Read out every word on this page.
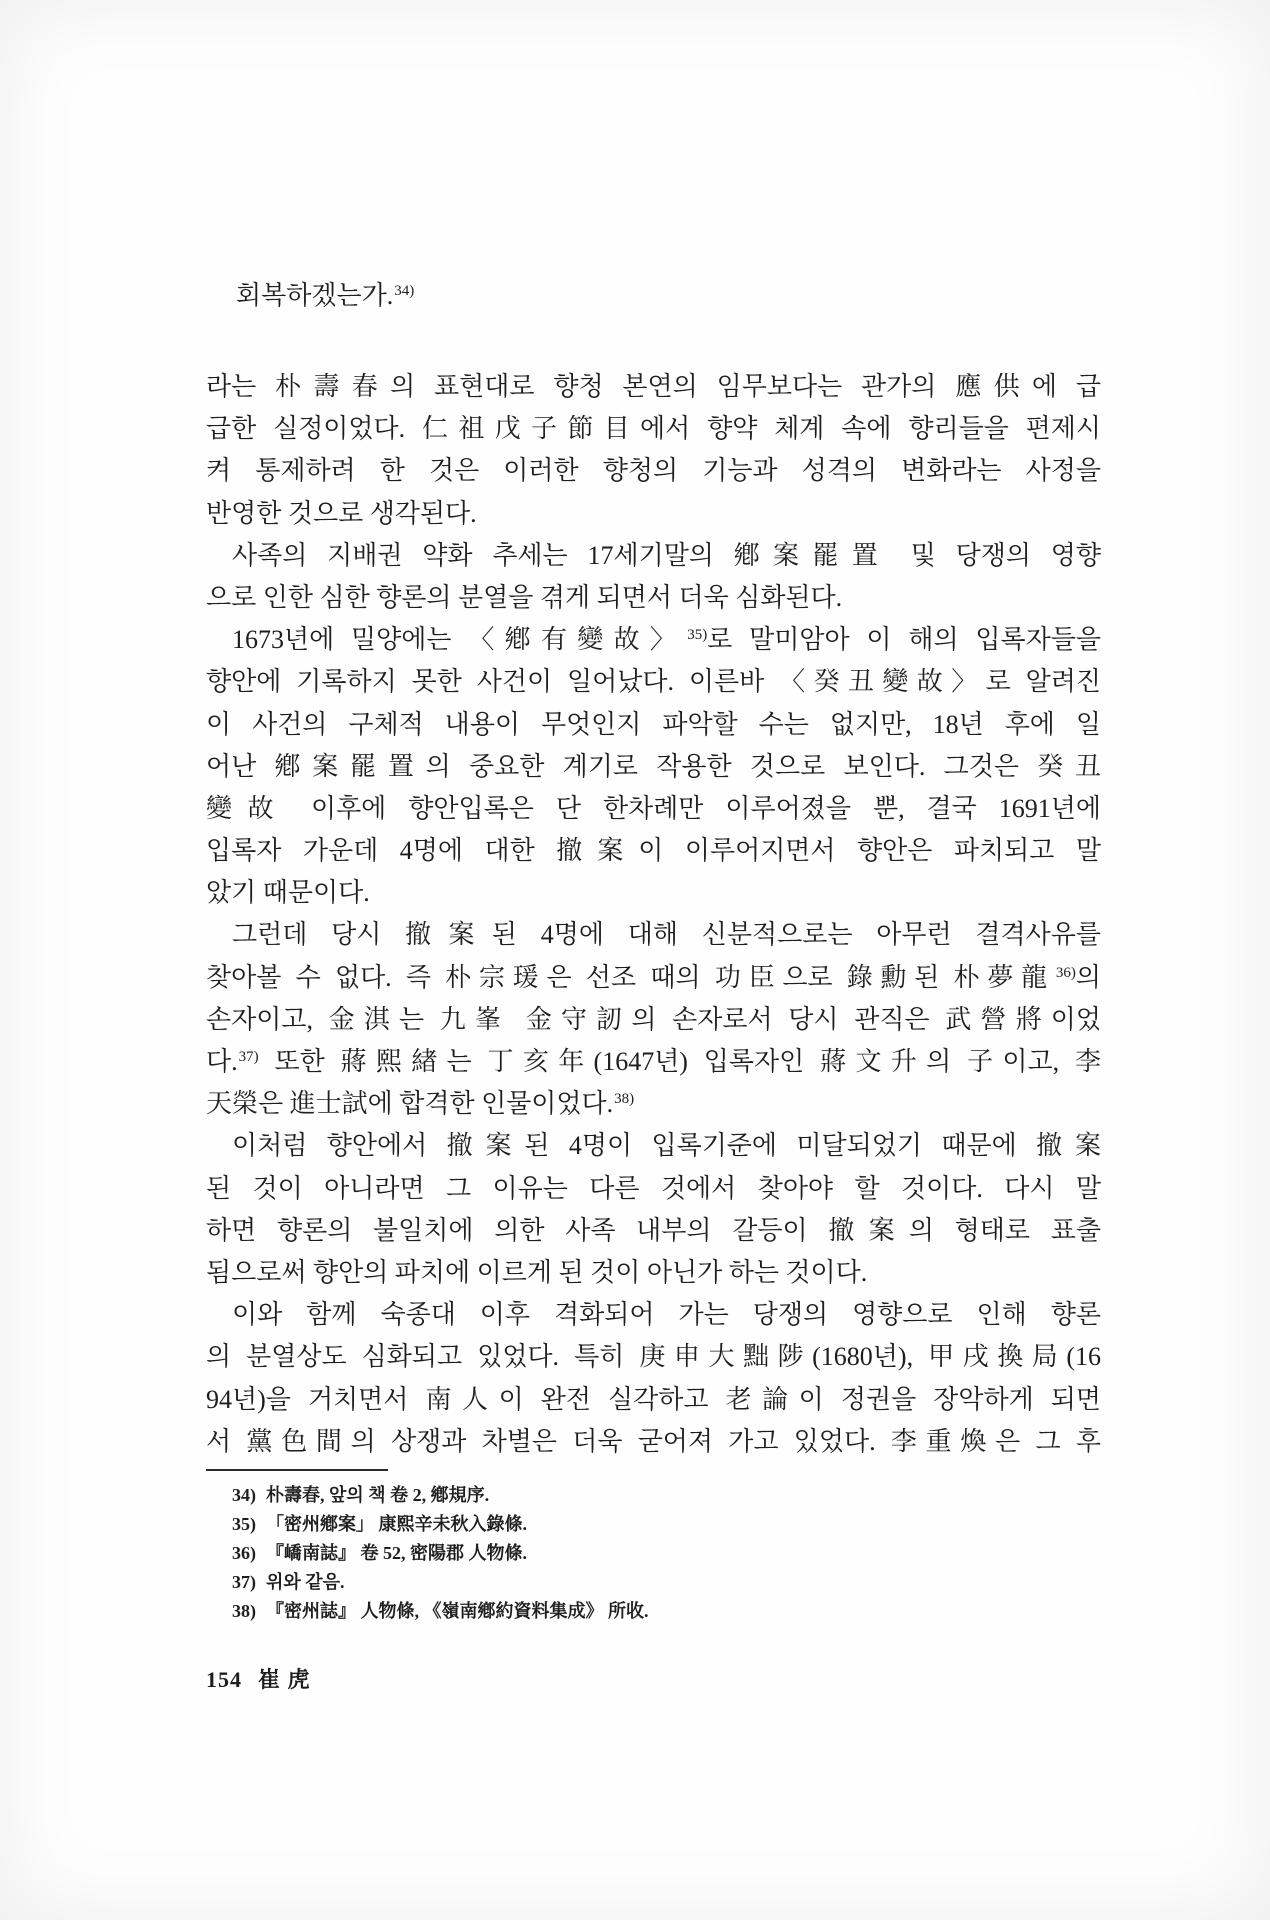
회복하겠는가.$^{34)}$
라는 朴壽春의 표현대로 향청 본연의 임무보다는 관가의 應供에 급
급한 실정이었다. 仁祖戊子節目에서 향약 체계 속에 향리들을 편제시
켜 통제하려 한 것은 이러한 향청의 기능과 성격의 변화라는 사정을
반영한 것으로 생각된다.
사족의 지배권 약화 추세는 17세기말의 鄕案罷置 및 당쟁의 영향
으로 인한 심한 향론의 분열을 겪게 되면서 더욱 심화된다.
1673년에 밀양에는 〈鄕有變故〉$^{35)}$로 말미암아 이 해의 입록자들을
향안에 기록하지 못한 사건이 일어났다. 이른바 〈癸丑變故〉로 알려진
이 사건의 구체적 내용이 무엇인지 파악할 수는 없지만, 18년 후에 일
어난 鄕案罷置의 중요한 계기로 작용한 것으로 보인다. 그것은 癸丑
變故 이후에 향안입록은 단 한차례만 이루어졌을 뿐, 결국 1691년에
입록자 가운데 4명에 대한 撤案이 이루어지면서 향안은 파치되고 말
았기 때문이다.
그런데 당시 撤案된 4명에 대해 신분적으로는 아무런 결격사유를
찾아볼 수 없다. 즉 朴宗瑗은 선조 때의 功臣으로 錄勳된 朴夢龍$^{36)}$의
손자이고, 金淇는 九峯 金守訒의 손자로서 당시 관직은 武營將이었
다.$^{37)}$ 또한 蔣熙緖는 丁亥年(1647년) 입록자인 蔣文升의 子이고, 李
天榮은 進士試에 합격한 인물이었다.$^{38)}$
이처럼 향안에서 撤案된 4명이 입록기준에 미달되었기 때문에 撤案
된 것이 아니라면 그 이유는 다른 것에서 찾아야 할 것이다. 다시 말
하면 향론의 불일치에 의한 사족 내부의 갈등이 撤案의 형태로 표출
됨으로써 향안의 파치에 이르게 된 것이 아닌가 하는 것이다.
이와 함께 숙종대 이후 격화되어 가는 당쟁의 영향으로 인해 향론
의 분열상도 심화되고 있었다. 특히 庚申大黜陟(1680년), 甲戌換局(16
94년)을 거치면서 南人이 완전 실각하고 老論이 정권을 장악하게 되면
서 黨色間의 상쟁과 차별은 더욱 굳어져 가고 있었다. 李重煥은 그 후
34) 朴壽春, 앞의 책 卷 2, 鄕規序.
35) 「密州鄕案」 康熙辛未秋入錄條.
36) 『嶠南誌』 卷 52, 密陽郡 人物條.
37) 위와 같음.
38) 『密州誌』 人物條, 《嶺南鄕約資料集成》 所收.
154 崔 虎
